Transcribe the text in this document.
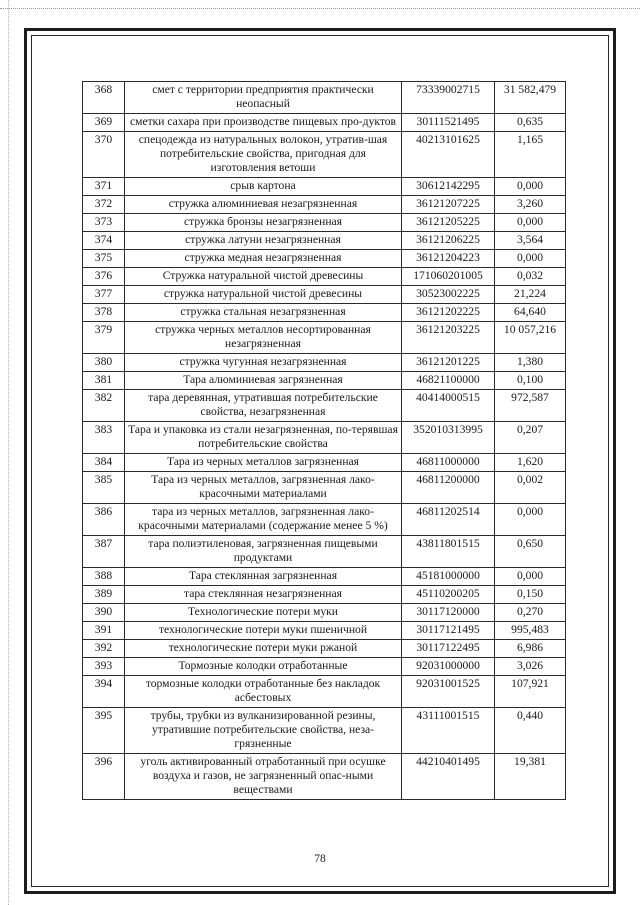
368	смет с территории предприятия практически неопасный	73339002715	31 582,479
369	сметки сахара при производстве пищевых про-дуктов	30111521495	0,635
370	спецодежда из натуральных волокон, утратив-шая потребительские свойства, пригодная для изготовления ветоши	40213101625	1,165
371	срыв картона	30612142295	0,000
372	стружка алюминиевая незагрязненная	36121207225	3,260
373	стружка бронзы незагрязненная	36121205225	0,000
374	стружка латуни незагрязненная	36121206225	3,564
375	стружка медная незагрязненная	36121204223	0,000
376	Стружка натуральной чистой древесины	171060201005	0,032
377	стружка натуральной чистой древесины	30523002225	21,224
378	стружка стальная незагрязненная	36121202225	64,640
379	стружка черных металлов несортированная незагрязненная	36121203225	10 057,216
380	стружка чугунная незагрязненная	36121201225	1,380
381	Тара алюминиевая загрязненная	46821100000	0,100
382	тара деревянная, утратившая потребительские свойства, незагрязненная	40414000515	972,587
383	Тара и упаковка из стали незагрязненная, по-терявшая потребительские свойства	352010313995	0,207
384	Тара из черных металлов загрязненная	46811000000	1,620
385	Тара из черных металлов, загрязненная лако-красочными материалами	46811200000	0,002
386	тара из черных металлов, загрязненная лако-красочными материалами (содержание менее 5 %)	46811202514	0,000
387	тара полиэтиленовая, загрязненная пищевыми продуктами	43811801515	0,650
388	Тара стеклянная загрязненная	45181000000	0,000
389	тара стеклянная незагрязненная	45110200205	0,150
390	Технологические потери муки	30117120000	0,270
391	технологические потери муки пшеничной	30117121495	995,483
392	технологические потери муки ржаной	30117122495	6,986
393	Тормозные колодки отработанные	92031000000	3,026
394	тормозные колодки отработанные без накладок асбестовых	92031001525	107,921
395	трубы, трубки из вулканизированной резины, утратившие потребительские свойства, неза-грязненные	43111001515	0,440
396	уголь активированный отработанный при осушке воздуха и газов, не загрязненный опас-ными веществами	44210401495	19,381
78
